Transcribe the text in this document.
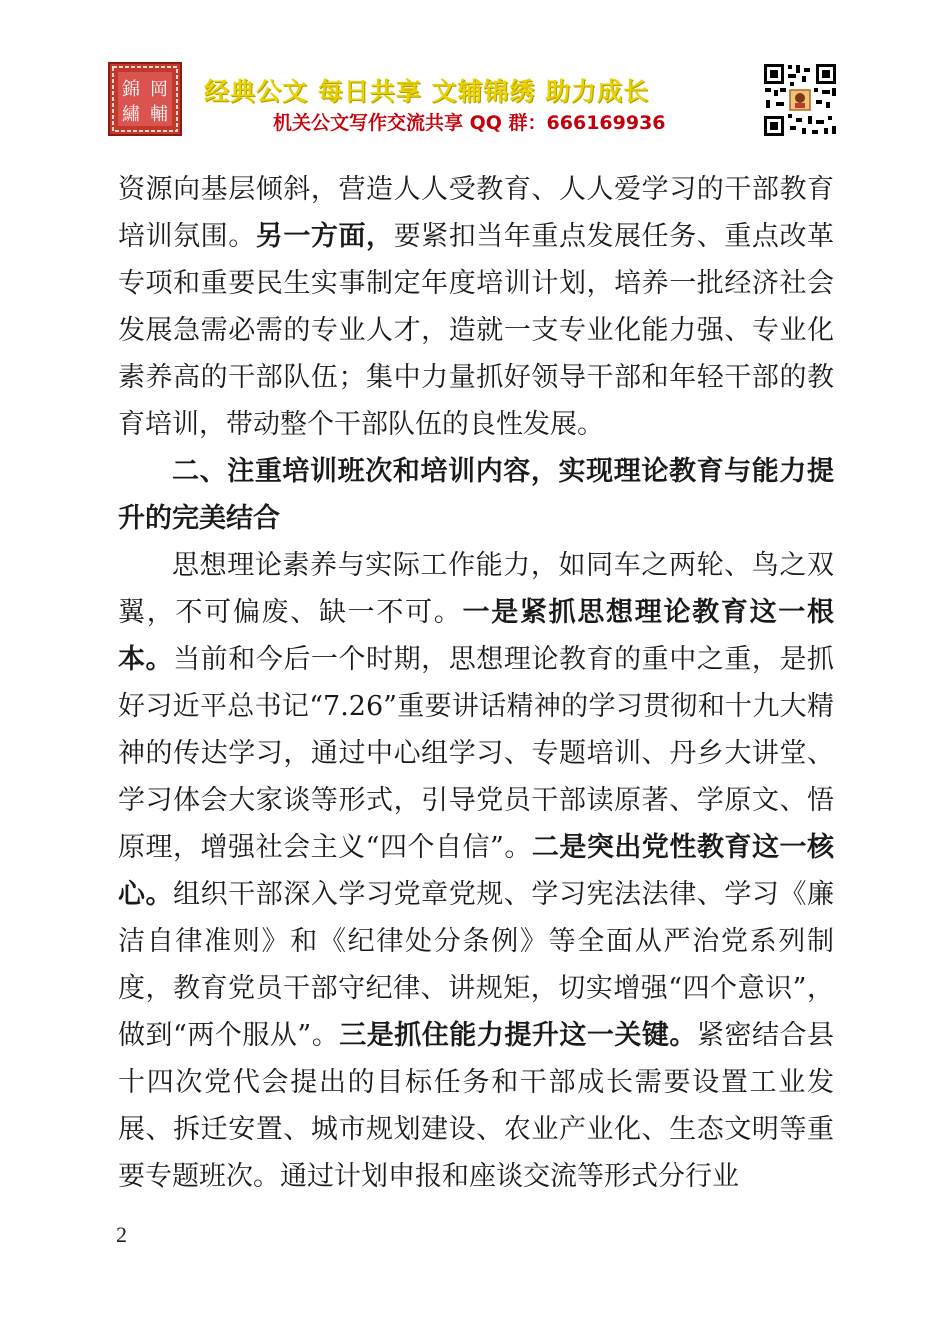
錦 岡
繡 輔
经典公文 每日共享 文辅锦绣 助力成长
机关公文写作交流共享 QQ 群：666169936

资源向基层倾斜，营造人人受教育、人人爱学习的干部教育培训氛围。另一方面，要紧扣当年重点发展任务、重点改革专项和重要民生实事制定年度培训计划，培养一批经济社会发展急需必需的专业人才，造就一支专业化能力强、专业化素养高的干部队伍；集中力量抓好领导干部和年轻干部的教育培训，带动整个干部队伍的良性发展。

二、注重培训班次和培训内容，实现理论教育与能力提升的完美结合

思想理论素养与实际工作能力，如同车之两轮、鸟之双翼，不可偏废、缺一不可。一是紧抓思想理论教育这一根本。当前和今后一个时期，思想理论教育的重中之重，是抓好习近平总书记“7.26”重要讲话精神的学习贯彻和十九大精神的传达学习，通过中心组学习、专题培训、丹乡大讲堂、学习体会大家谈等形式，引导党员干部读原著、学原文、悟原理，增强社会主义“四个自信”。二是突出党性教育这一核心。组织干部深入学习党章党规、学习宪法法律、学习《廉洁自律准则》和《纪律处分条例》等全面从严治党系列制度，教育党员干部守纪律、讲规矩，切实增强“四个意识”，做到“两个服从”。三是抓住能力提升这一关键。紧密结合县十四次党代会提出的目标任务和干部成长需要设置工业发展、拆迁安置、城市规划建设、农业产业化、生态文明等重要专题班次。通过计划申报和座谈交流等形式分行业

2
